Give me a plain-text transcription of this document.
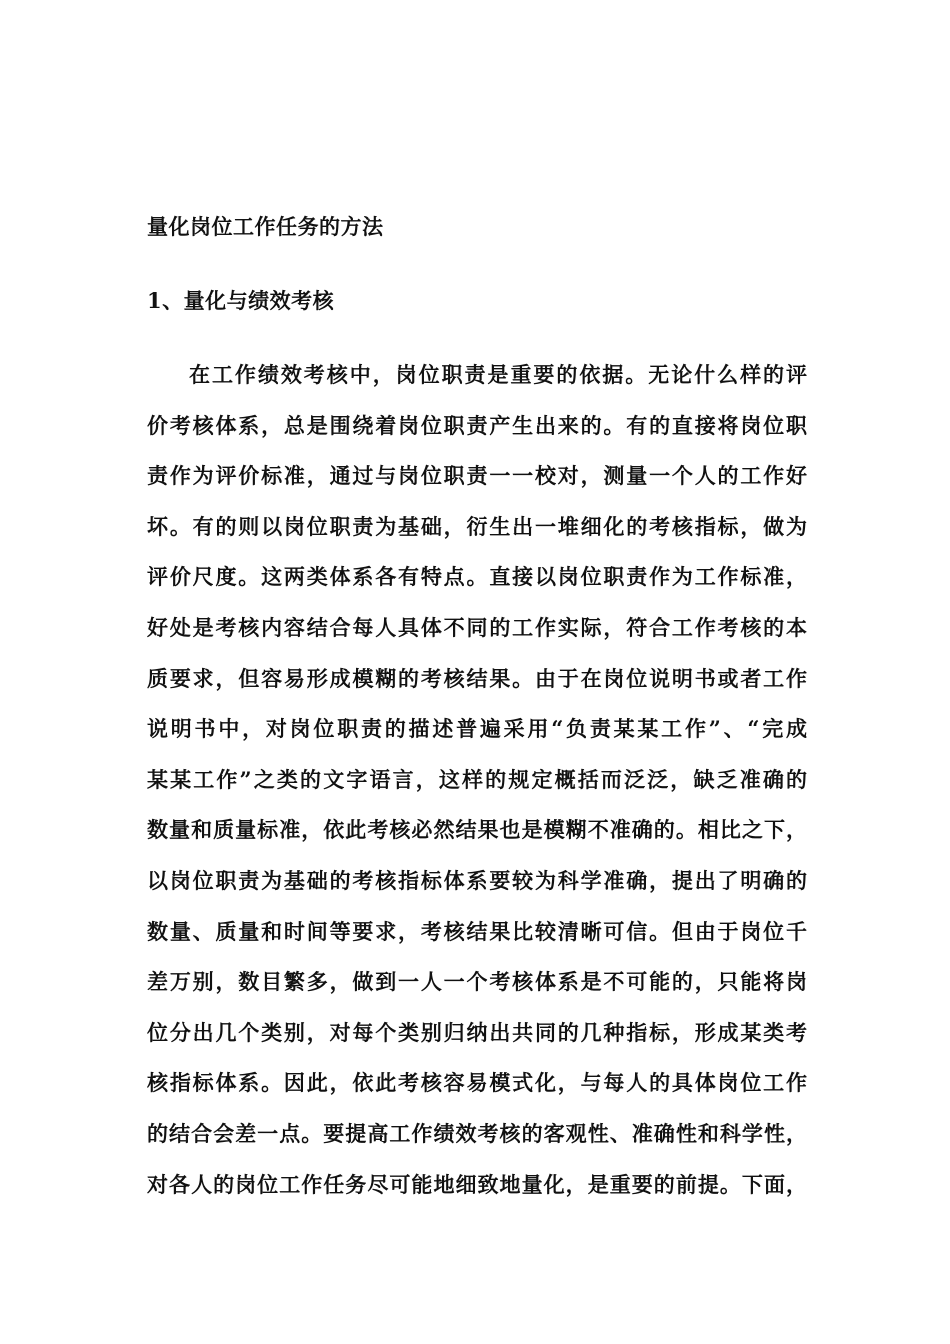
量化岗位工作任务的方法
1、量化与绩效考核
在工作绩效考核中，岗位职责是重要的依据。无论什么样的评
价考核体系，总是围绕着岗位职责产生出来的。有的直接将岗位职
责作为评价标准，通过与岗位职责一一校对，测量一个人的工作好
坏。有的则以岗位职责为基础，衍生出一堆细化的考核指标，做为
评价尺度。这两类体系各有特点。直接以岗位职责作为工作标准，
好处是考核内容结合每人具体不同的工作实际，符合工作考核的本
质要求，但容易形成模糊的考核结果。由于在岗位说明书或者工作
说明书中，对岗位职责的描述普遍采用“负责某某工作”、“完成
某某工作”之类的文字语言，这样的规定概括而泛泛，缺乏准确的
数量和质量标准，依此考核必然结果也是模糊不准确的。相比之下，
以岗位职责为基础的考核指标体系要较为科学准确，提出了明确的
数量、质量和时间等要求，考核结果比较清晰可信。但由于岗位千
差万别，数目繁多，做到一人一个考核体系是不可能的，只能将岗
位分出几个类别，对每个类别归纳出共同的几种指标，形成某类考
核指标体系。因此，依此考核容易模式化，与每人的具体岗位工作
的结合会差一点。要提高工作绩效考核的客观性、准确性和科学性，
对各人的岗位工作任务尽可能地细致地量化，是重要的前提。下面，
